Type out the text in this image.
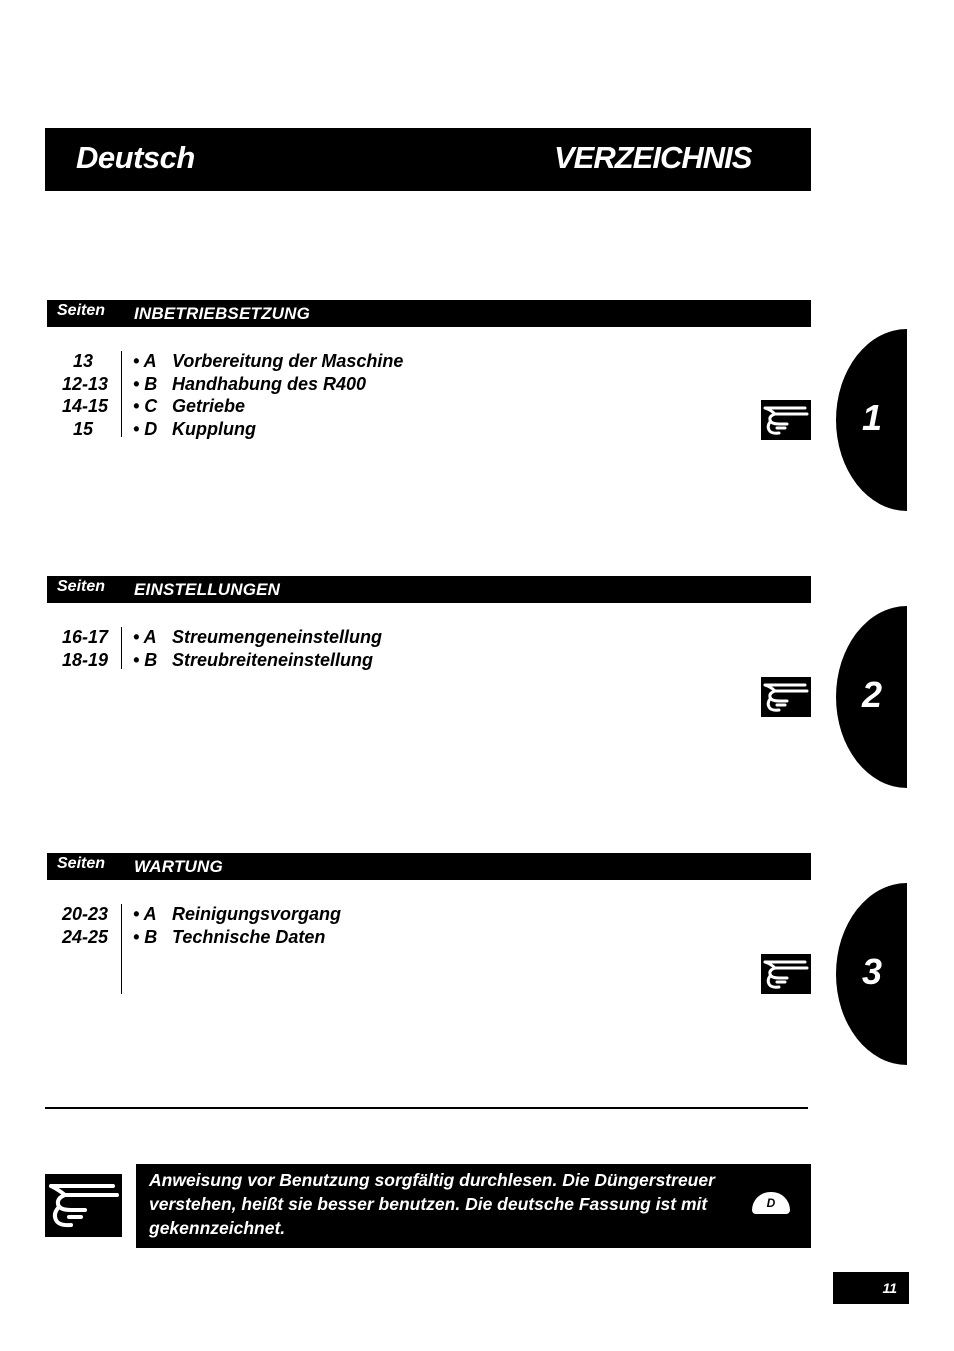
Deutsch	VERZEICHNIS
Seiten INBETRIEBSETZUNG
13
12-13
14-15
15
• A Vorbereitung der Maschine
• B Handhabung des R400
• C Getriebe
• D Kupplung	1
Seiten EINSTELLUNGEN
16-17
18-19
• A Streumengeneinstellung
• B Streubreiteneinstellung
2
Seiten WARTUNG
20-23
24-25
• A Reinigungsvorgang
• B Technische Daten
3
Anweisung vor Benutzung sorgfältig durchlesen. Die Düngerstreuer
verstehen, heißt sie besser benutzen. Die deutsche Fassung ist mit
gekennzeichnet.
D
11
